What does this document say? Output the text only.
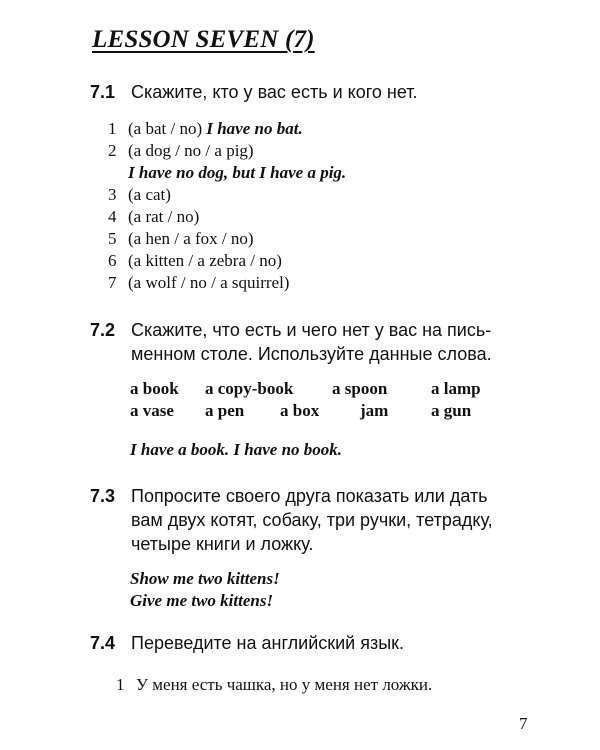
LESSON SEVEN (7)
7.1 Скажите, кто у вас есть и кого нет.
1 (a bat / no) I have no bat.
2 (a dog / no / a pig)
I have no dog, but I have a pig.
3 (a cat)
4 (a rat / no)
5 (a hen / a fox / no)
6 (a kitten / a zebra / no)
7 (a wolf / no / a squirrel)
7.2 Скажите, что есть и чего нет у вас на пись-
менном столе. Используйте данные слова.
a book a copy-book a spoon	a lamp
a vase a pen a box jam	a gun
I have a book. I have no book.
7.3 Попросите своего друга показать или дать
вам двух котят, собаку, три ручки, тетрадку,
четыре книги и ложку.
Show me two kittens!
Give me two kittens!
7.4 Переведите на английский язык.
1 У меня есть чашка, но у меня нет ложки.
7
